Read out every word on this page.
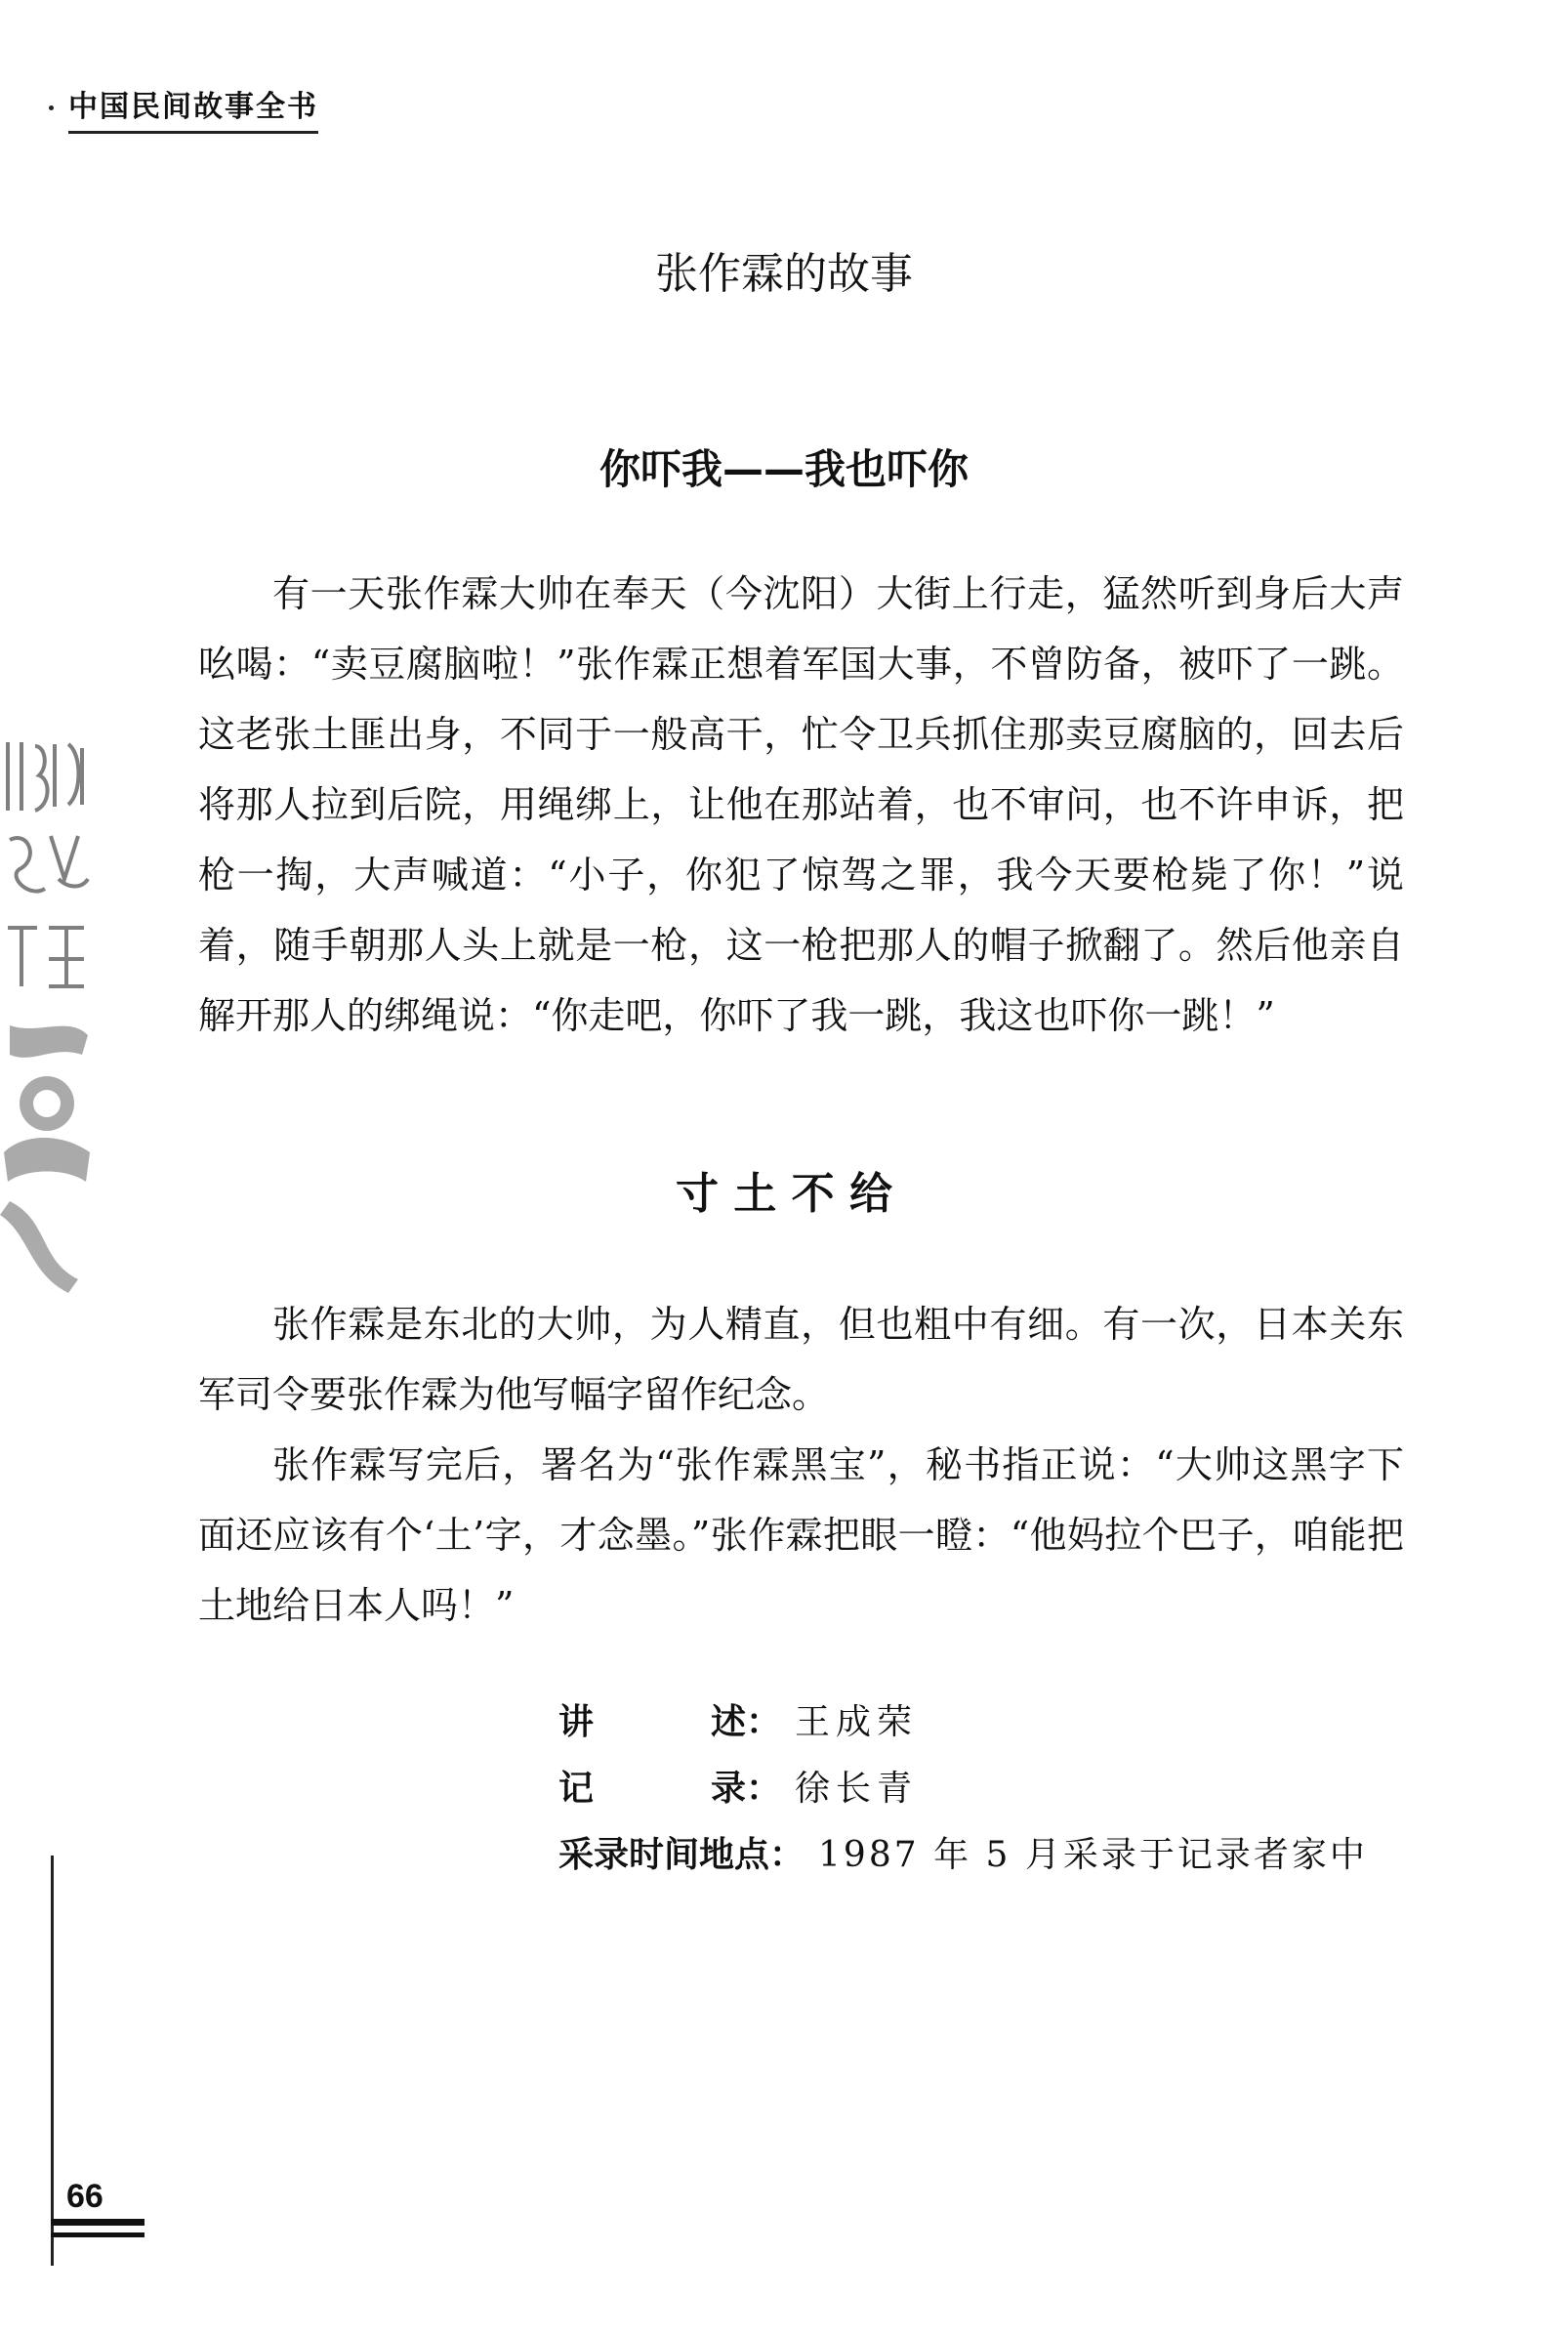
中国民间故事全书
张作霖的故事
你吓我——我也吓你

有一天张作霖大帅在奉天（今沈阳）大街上行走，猛然听到身后大声吆喝：“卖豆腐脑啦！”张作霖正想着军国大事，不曾防备，被吓了一跳。这老张土匪出身，不同于一般高干，忙令卫兵抓住那卖豆腐脑的，回去后将那人拉到后院，用绳绑上，让他在那站着，也不审问，也不许申诉，把枪一掏，大声喊道：“小子，你犯了惊驾之罪，我今天要枪毙了你！”说着，随手朝那人头上就是一枪，这一枪把那人的帽子掀翻了。然后他亲自解开那人的绑绳说：“你走吧，你吓了我一跳，我这也吓你一跳！”

寸 土 不 给

张作霖是东北的大帅，为人精直，但也粗中有细。有一次，日本关东军司令要张作霖为他写幅字留作纪念。

张作霖写完后，署名为“张作霖黑宝”，秘书指正说：“大帅这黑字下面还应该有个‘土’字，才念墨。”张作霖把眼一瞪：“他妈拉个巴子，咱能把土地给日本人吗！”

讲述 ： 王成荣
记录 ： 徐长青
采录时间地点 ： 1987 年 5 月采录于记录者家中
66
